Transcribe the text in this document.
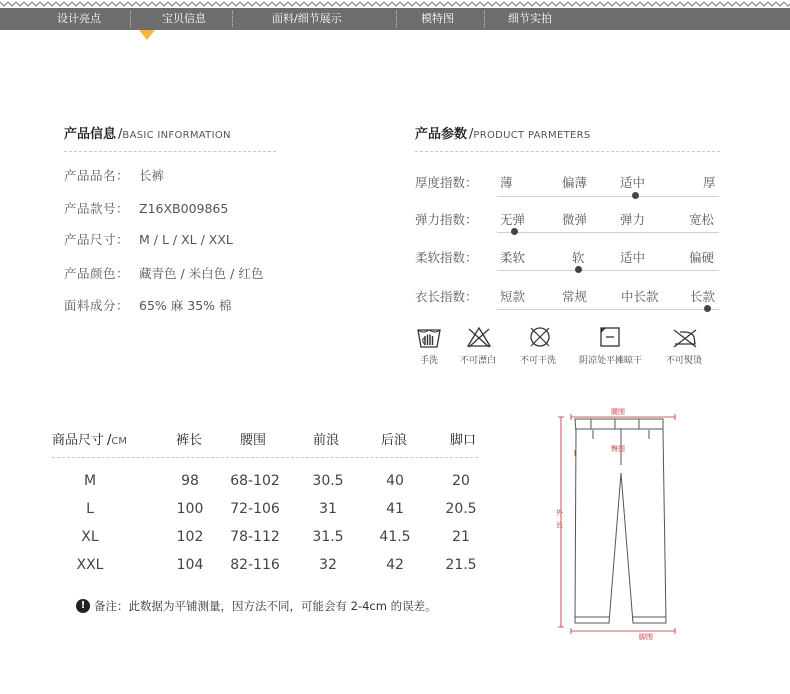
设计亮点	宝贝信息	面料/细节展示	模特图	细节实拍
产品信息 /BASIC INFORMATION
产品品名： 长裤
产品款号： Z16XB009865
产品尺寸： M / L / XL / XXL
产品颜色： 藏青色 / 米白色 / 红色
面料成分： 65% 麻 35% 棉
产品参数 /PRODUCT PARMETERS
厚度指数： 薄	偏薄	适中	厚
弹力指数： 无弹	微弹	弹力	宽松
柔软指数： 柔软	软	适中	偏硬
衣长指数： 短款	常规	中长款	长款
手洗 不可漂白	不可干洗	阴凉处平摊晾干	不可熨烫
商品尺寸 /CM	裤长	腰围	前浪	后浪	脚口
M	98	68-102	30.5	40	20
L	100	72-106	31	41	20.5
XL	102	78-112	31.5	41.5	21
XXL	104	82-116	32	42	21.5
! 备注：此数据为平铺测量，因方法不同，可能会有 2-4cm 的误差。
腰围
臀围
外
长
脚围
